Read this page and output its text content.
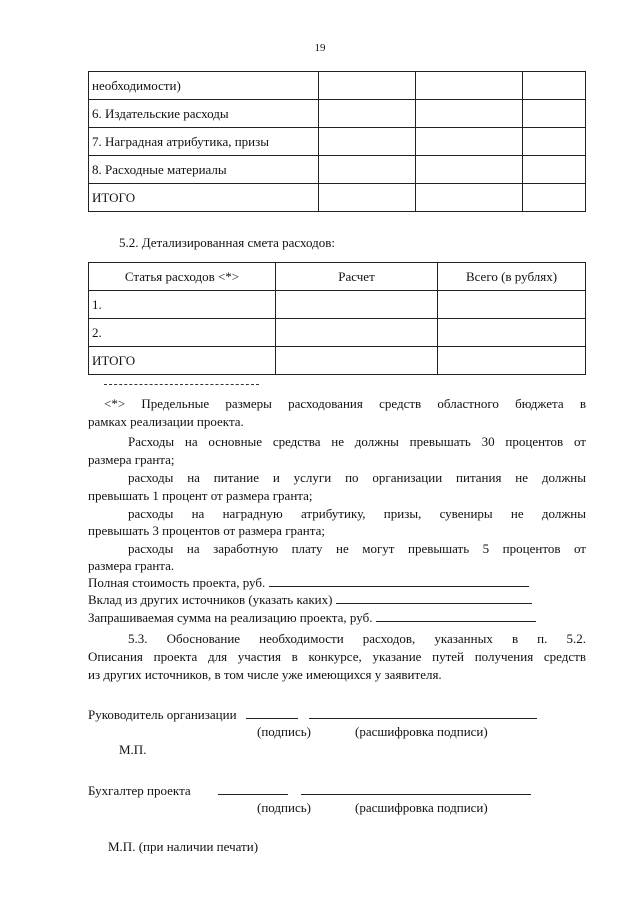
19
необходимости)			
6. Издательские расходы			
7. Наградная атрибутика, призы			
8. Расходные материалы			
ИТОГО			
5.2. Детализированная смета расходов:
Статья расходов <*>	Расчет	Всего (в рублях)
1.		
2.		
ИТОГО		
<*> Предельные размеры расходования средств областного бюджета в
рамках реализации проекта.
Расходы на основные средства не должны превышать 30 процентов от
размера гранта;
расходы на питание и услуги по организации питания не должны
превышать 1 процент от размера гранта;
расходы на наградную атрибутику, призы, сувениры не должны
превышать 3 процентов от размера гранта;
расходы на заработную плату не могут превышать 5 процентов от
размера гранта.
Полная стоимость проекта, руб.
Вклад из других источников (указать каких)
Запрашиваемая сумма на реализацию проекта, руб.
5.3. Обоснование необходимости расходов, указанных в п. 5.2.
Описания проекта для участия в конкурсе, указание путей получения средств
из других источников, в том числе уже имеющихся у заявителя.
Руководитель организации
(подпись)	(расшифровка подписи)
М.П.
Бухгалтер проекта
(подпись)	(расшифровка подписи)
М.П. (при наличии печати)
